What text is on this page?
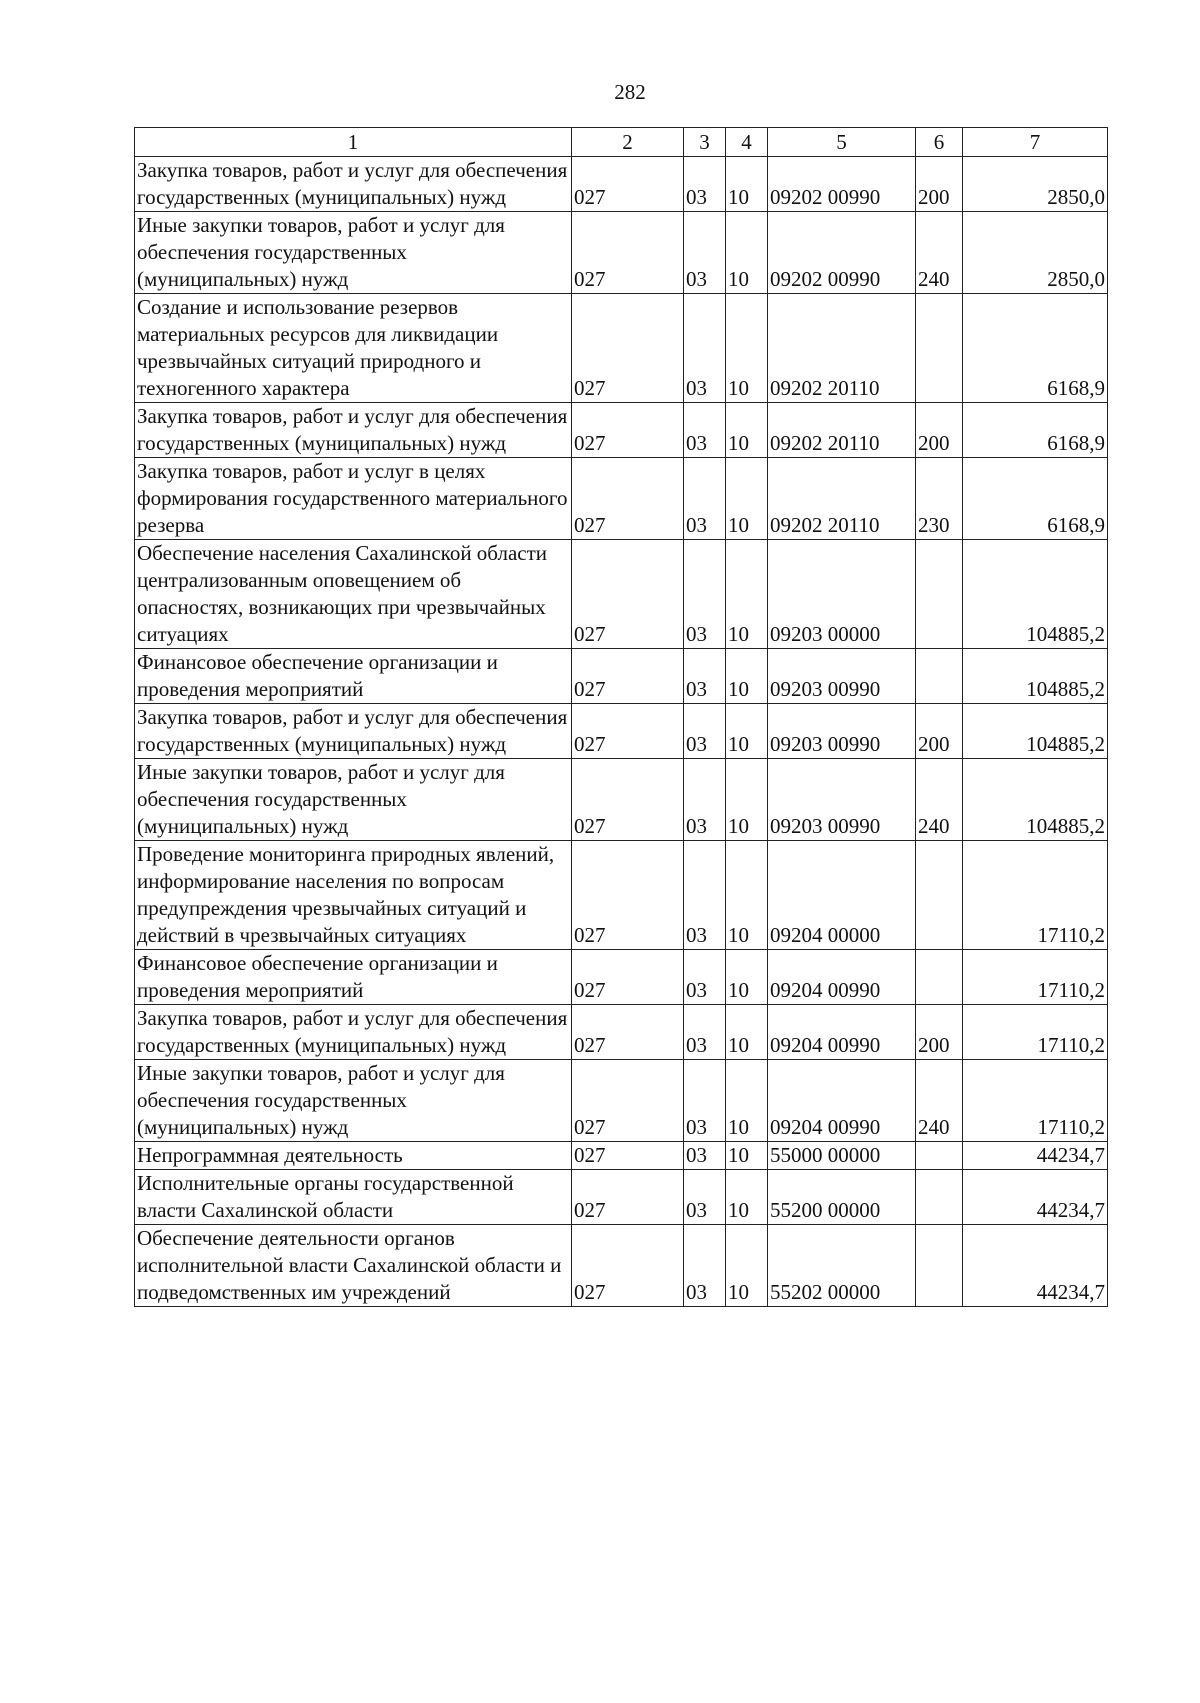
282
1	2	3	4	5	6	7
Закупка товаров, работ и услуг для обеспечения государственных (муниципальных) нужд	027	03	10	09202 00990	200	2850,0
Иные закупки товаров, работ и услуг для обеспечения государственных (муниципальных) нужд	027	03	10	09202 00990	240	2850,0
Создание и использование резервов материальных ресурсов для ликвидации чрезвычайных ситуаций природного и техногенного характера	027	03	10	09202 20110		6168,9
Закупка товаров, работ и услуг для обеспечения государственных (муниципальных) нужд	027	03	10	09202 20110	200	6168,9
Закупка товаров, работ и услуг в целях формирования государственного материального резерва	027	03	10	09202 20110	230	6168,9
Обеспечение населения Сахалинской области централизованным оповещением об опасностях, возникающих при чрезвычайных ситуациях	027	03	10	09203 00000		104885,2
Финансовое обеспечение организации и проведения мероприятий	027	03	10	09203 00990		104885,2
Закупка товаров, работ и услуг для обеспечения государственных (муниципальных) нужд	027	03	10	09203 00990	200	104885,2
Иные закупки товаров, работ и услуг для обеспечения государственных (муниципальных) нужд	027	03	10	09203 00990	240	104885,2
Проведение мониторинга природных явлений, информирование населения по вопросам предупреждения чрезвычайных ситуаций и действий в чрезвычайных ситуациях	027	03	10	09204 00000		17110,2
Финансовое обеспечение организации и проведения мероприятий	027	03	10	09204 00990		17110,2
Закупка товаров, работ и услуг для обеспечения государственных (муниципальных) нужд	027	03	10	09204 00990	200	17110,2
Иные закупки товаров, работ и услуг для обеспечения государственных (муниципальных) нужд	027	03	10	09204 00990	240	17110,2
Непрограммная деятельность	027	03	10	55000 00000		44234,7
Исполнительные органы государственной власти Сахалинской области	027	03	10	55200 00000		44234,7
Обеспечение деятельности органов исполнительной власти Сахалинской области и подведомственных им учреждений	027	03	10	55202 00000		44234,7
